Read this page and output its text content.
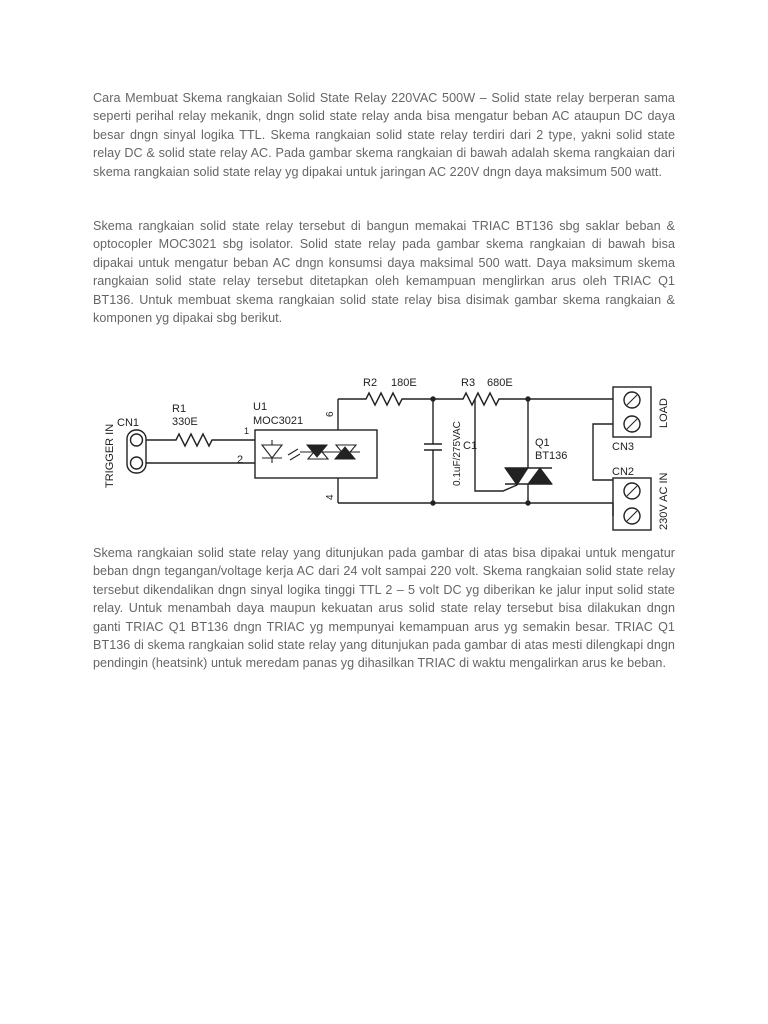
Cara Membuat Skema rangkaian Solid State Relay 220VAC 500W – Solid state relay berperan sama seperti perihal relay mekanik, dngn solid state relay anda bisa mengatur beban AC ataupun DC daya besar dngn sinyal logika TTL. Skema rangkaian solid state relay terdiri dari 2 type, yakni solid state relay DC & solid state relay AC. Pada gambar skema rangkaian di bawah adalah skema rangkaian dari skema rangkaian solid state relay yg dipakai untuk jaringan AC 220V dngn daya maksimum 500 watt.

Skema rangkaian solid state relay tersebut di bangun memakai TRIAC BT136 sbg saklar beban & optocopler MOC3021 sbg isolator. Solid state relay pada gambar skema rangkaian di bawah bisa dipakai untuk mengatur beban AC dngn konsumsi daya maksimal 500 watt. Daya maksimum skema rangkaian solid state relay tersebut ditetapkan oleh kemampuan menglirkan arus oleh TRIAC Q1 BT136. Untuk membuat skema rangkaian solid state relay bisa disimak gambar skema rangkaian & komponen yg dipakai sbg berikut.

TRIGGER IN
CN1
R1
330E
U1
MOC3021
1
2
6
4
R2 180E	R3 680E
0.1uF/275VAC C1	Q1
BT136
CN3
LOAD
CN2
230V AC IN

Skema rangkaian solid state relay yang ditunjukan pada gambar di atas bisa dipakai untuk mengatur beban dngn tegangan/voltage kerja AC dari 24 volt sampai 220 volt. Skema rangkaian solid state relay tersebut dikendalikan dngn sinyal logika tinggi TTL 2 – 5 volt DC yg diberikan ke jalur input solid state relay. Untuk menambah daya maupun kekuatan arus solid state relay tersebut bisa dilakukan dngn ganti TRIAC Q1 BT136 dngn TRIAC yg mempunyai kemampuan arus yg semakin besar. TRIAC Q1 BT136 di skema rangkaian solid state relay yang ditunjukan pada gambar di atas mesti dilengkapi dngn pendingin (heatsink) untuk meredam panas yg dihasilkan TRIAC di waktu mengalirkan arus ke beban.
